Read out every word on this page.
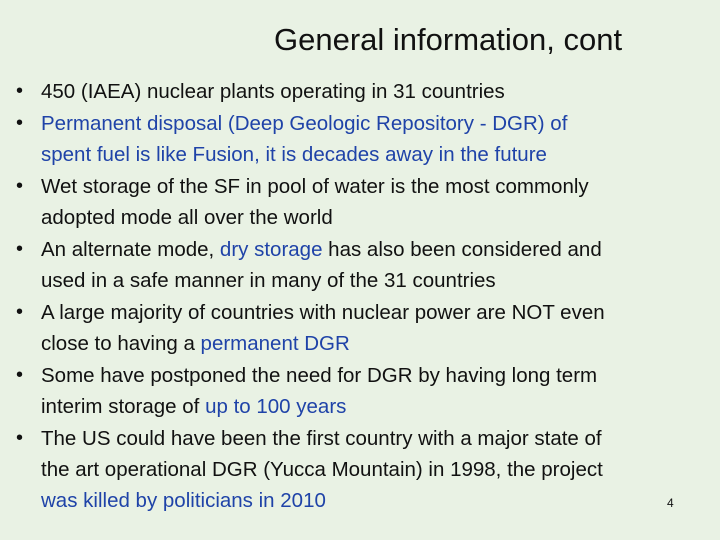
General information, cont
• 450 (IAEA) nuclear plants operating in 31 countries
• Permanent disposal (Deep Geologic Repository - DGR) of
spent fuel is like Fusion, it is decades away in the future
• Wet storage of the SF in pool of water is the most commonly
adopted mode all over the world
• An alternate mode, dry storage has also been considered and
used in a safe manner in many of the 31 countries
• A large majority of countries with nuclear power are NOT even
close to having a permanent DGR
• Some have postponed the need for DGR by having long term
interim storage of up to 100 years
• The US could have been the first country with a major state of
the art operational DGR (Yucca Mountain) in 1998, the project
was killed by politicians in 2010	4
